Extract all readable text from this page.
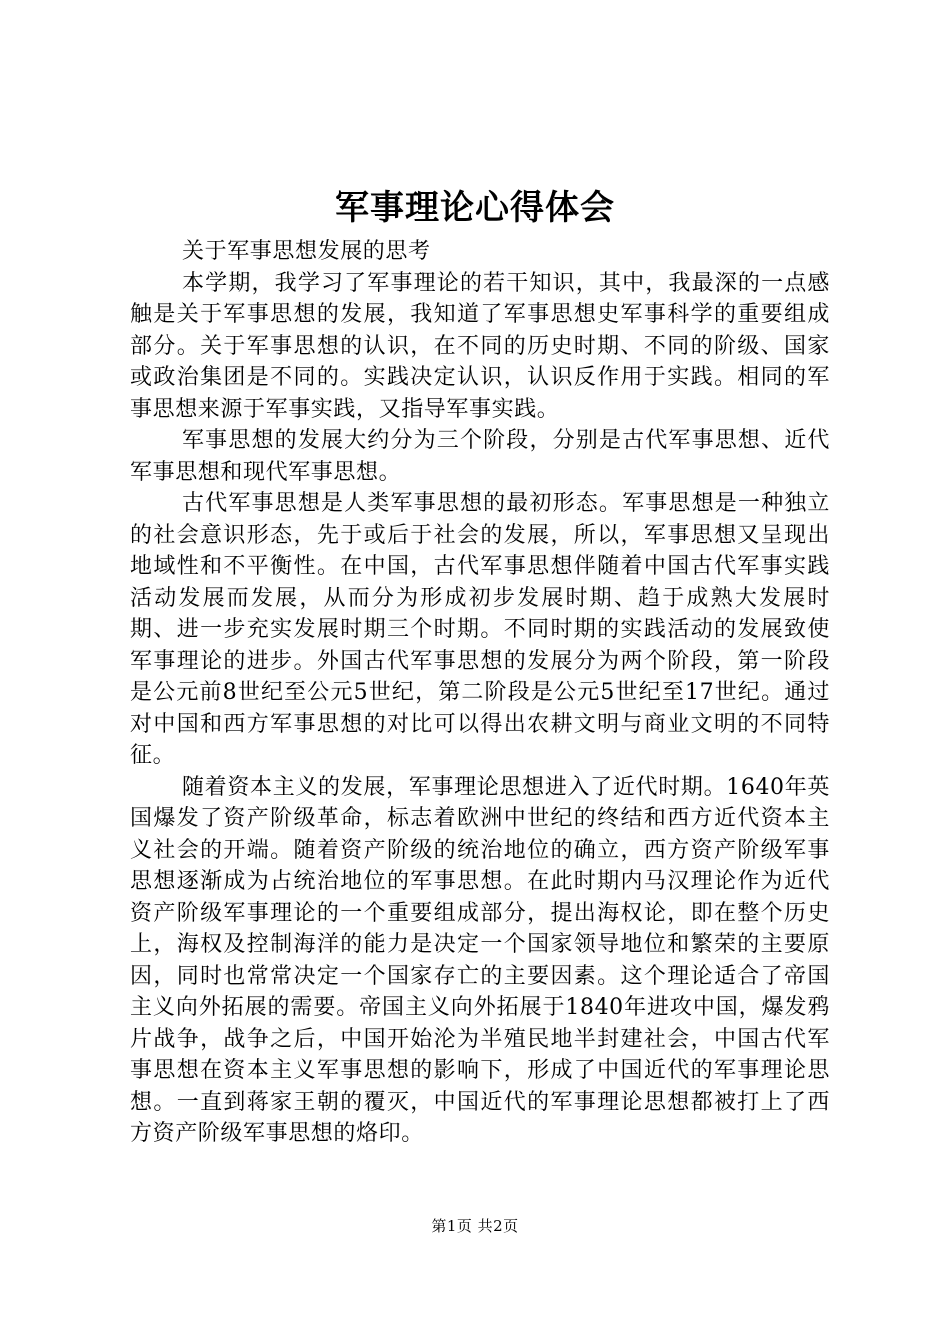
军事理论心得体会

关于军事思想发展的思考

本学期，我学习了军事理论的若干知识，其中，我最深的一点感触是关于军事思想的发展，我知道了军事思想史军事科学的重要组成部分。关于军事思想的认识，在不同的历史时期、不同的阶级、国家或政治集团是不同的。实践决定认识，认识反作用于实践。相同的军事思想来源于军事实践，又指导军事实践。

军事思想的发展大约分为三个阶段，分别是古代军事思想、近代军事思想和现代军事思想。

古代军事思想是人类军事思想的最初形态。军事思想是一种独立的社会意识形态，先于或后于社会的发展，所以，军事思想又呈现出地域性和不平衡性。在中国，古代军事思想伴随着中国古代军事实践活动发展而发展，从而分为形成初步发展时期、趋于成熟大发展时期、进一步充实发展时期三个时期。不同时期的实践活动的发展致使军事理论的进步。外国古代军事思想的发展分为两个阶段，第一阶段是公元前8世纪至公元5世纪，第二阶段是公元5世纪至17世纪。通过对中国和西方军事思想的对比可以得出农耕文明与商业文明的不同特征。

随着资本主义的发展，军事理论思想进入了近代时期。1640年英国爆发了资产阶级革命，标志着欧洲中世纪的终结和西方近代资本主义社会的开端。随着资产阶级的统治地位的确立，西方资产阶级军事思想逐渐成为占统治地位的军事思想。在此时期内马汉理论作为近代资产阶级军事理论的一个重要组成部分，提出海权论，即在整个历史上，海权及控制海洋的能力是决定一个国家领导地位和繁荣的主要原因，同时也常常决定一个国家存亡的主要因素。这个理论适合了帝国主义向外拓展的需要。帝国主义向外拓展于1840年进攻中国，爆发鸦片战争，战争之后，中国开始沦为半殖民地半封建社会，中国古代军事思想在资本主义军事思想的影响下，形成了中国近代的军事理论思想。一直到蒋家王朝的覆灭，中国近代的军事理论思想都被打上了西方资产阶级军事思想的烙印。

第1页 共2页
